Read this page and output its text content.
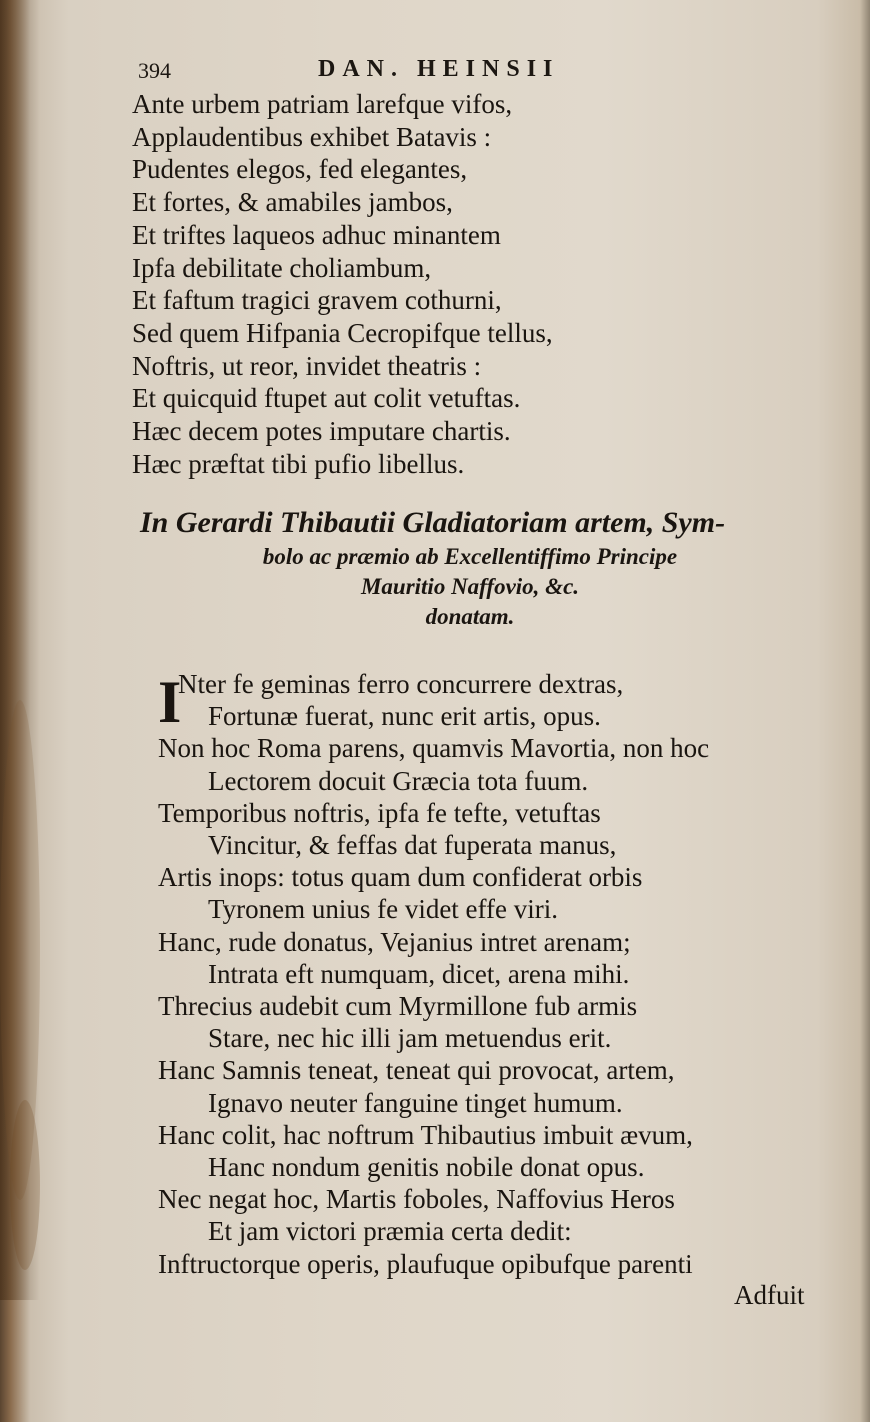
394	DAN. HEINSII
Ante urbem patriam larefque vifos,
Applaudentibus exhibet Batavis :
Pudentes elegos, fed elegantes,
Et fortes, & amabiles jambos,
Et triftes laqueos adhuc minantem
Ipfa debilitate choliambum,
Et faftum tragici gravem cothurni,
Sed quem Hifpania Cecropifque tellus,
Noftris, ut reor, invidet theatris :
Et quicquid ftupet aut colit vetuftas.
Hæc decem potes imputare chartis.
Hæc præftat tibi pufio libellus.
In Gerardi Thibautii Gladiatoriam artem, Sym-
bolo ac præmio ab Excellentiffimo Principe
Mauritio Naffovio, &c.
donatam.
I
Nter fe geminas ferro concurrere dextras,
Fortunæ fuerat, nunc erit artis, opus.
Non hoc Roma parens, quamvis Mavortia, non hoc
Lectorem docuit Græcia tota fuum.
Temporibus noftris, ipfa fe tefte, vetuftas
Vincitur, & feffas dat fuperata manus,
Artis inops: totus quam dum confiderat orbis
Tyronem unius fe videt effe viri.
Hanc, rude donatus, Vejanius intret arenam;
Intrata eft numquam, dicet, arena mihi.
Threcius audebit cum Myrmillone fub armis
Stare, nec hic illi jam metuendus erit.
Hanc Samnis teneat, teneat qui provocat, artem,
Ignavo neuter fanguine tinget humum.
Hanc colit, hac noftrum Thibautius imbuit ævum,
Hanc nondum genitis nobile donat opus.
Nec negat hoc, Martis foboles, Naffovius Heros
Et jam victori præmia certa dedit:
Inftructorque operis, plaufuque opibufque parenti
Adfuit
